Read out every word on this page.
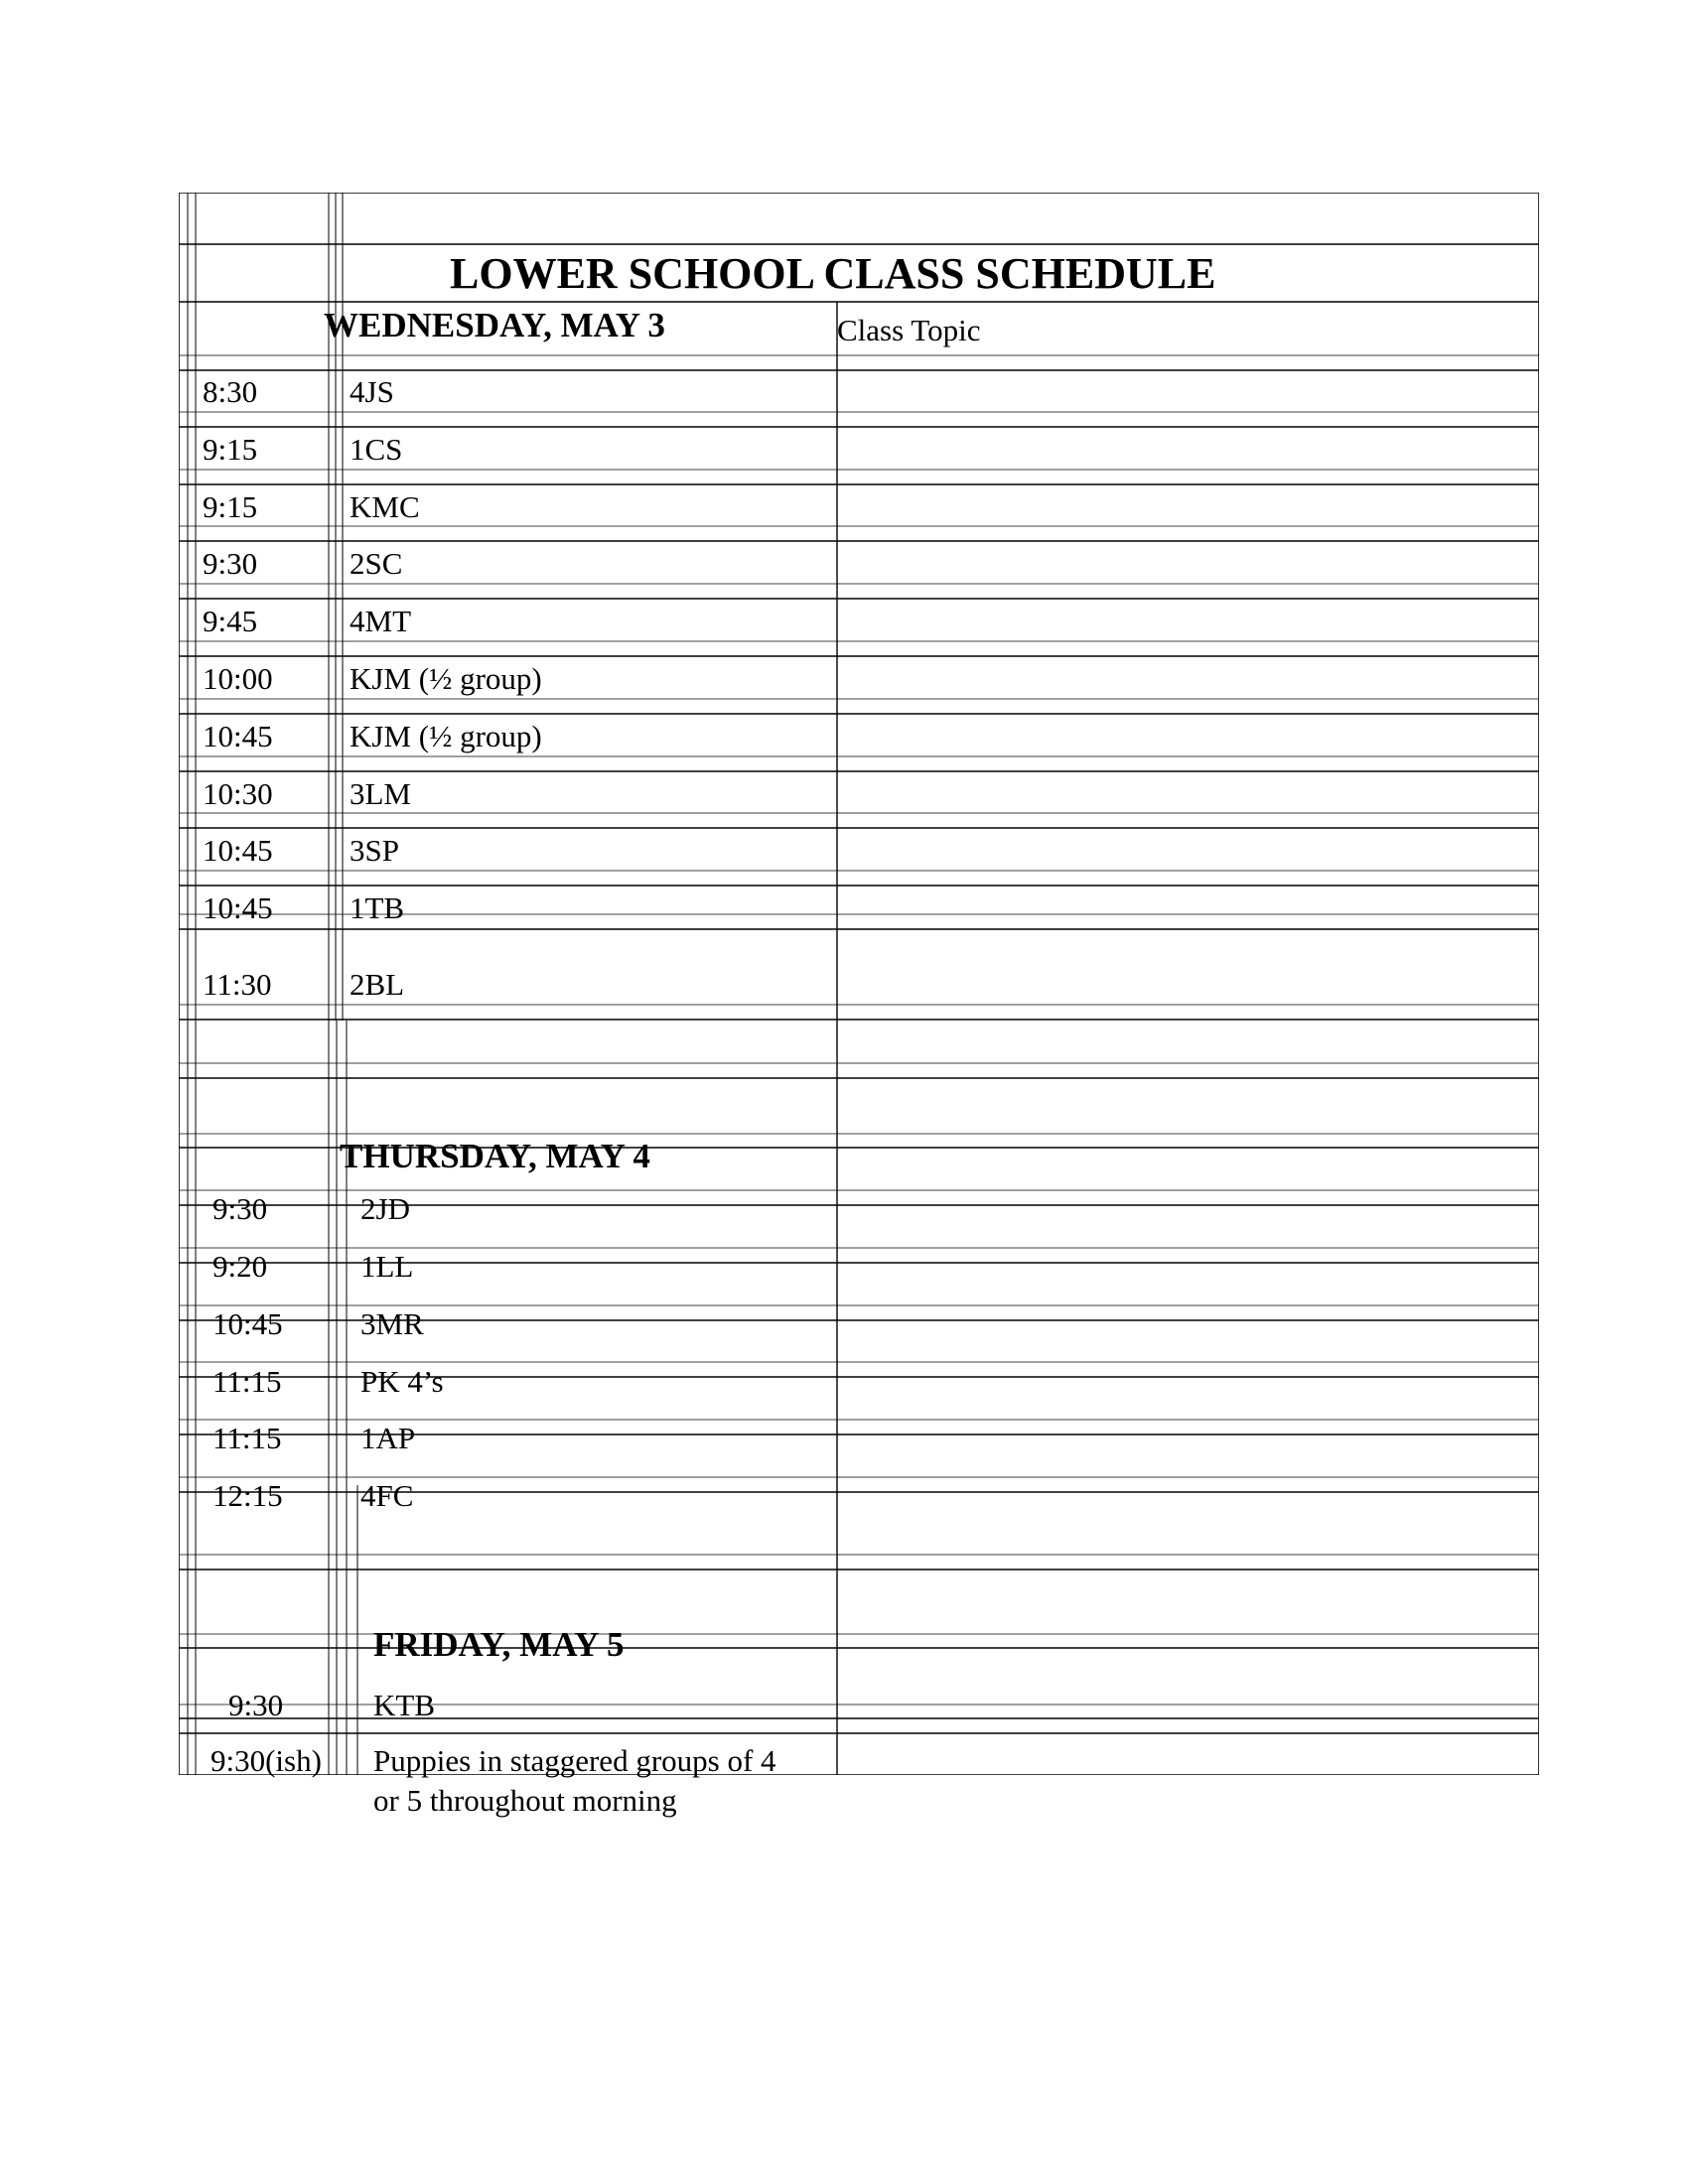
LOWER SCHOOL CLASS SCHEDULE
WEDNESDAY, MAY 3	Class Topic
8:30	4JS
9:15	1CS
9:15	KMC
9:30	2SC
9:45	4MT
10:00 KJM (½ group)
10:45 KJM (½ group)
10:30 3LM
10:45 3SP
10:45 1TB
11:30	2BL
THURSDAY, MAY 4
9:30	2JD
9:20	1LL
10:45	3MR
11:15	PK 4’s
11:15	1AP
12:15	4FC
FRIDAY, MAY 5
9:30	KTB
9:30(ish) Puppies in staggered groups of 4
or 5 throughout morning
